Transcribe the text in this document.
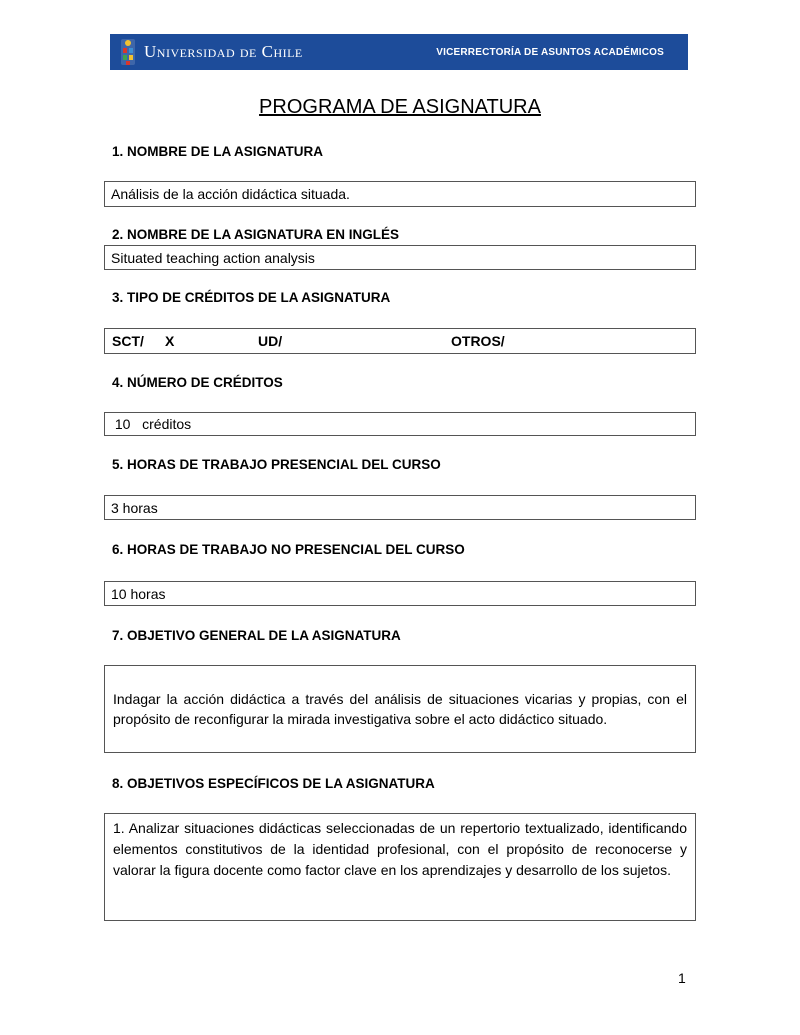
Universidad de Chile	VICERRECTORÍA DE ASUNTOS ACADÉMICOS
PROGRAMA DE ASIGNATURA
1. NOMBRE DE LA ASIGNATURA
Análisis de la acción didáctica situada.
2. NOMBRE DE LA ASIGNATURA EN INGLÉS
Situated teaching action analysis
3. TIPO DE CRÉDITOS DE LA ASIGNATURA
SCT/ X	UD/	OTROS/
4. NÚMERO DE CRÉDITOS
10   créditos
5. HORAS DE TRABAJO PRESENCIAL DEL CURSO
3 horas
6. HORAS DE TRABAJO NO PRESENCIAL DEL CURSO
10 horas
7. OBJETIVO GENERAL DE LA ASIGNATURA
Indagar la acción didáctica a través del análisis de situaciones vicarias y propias, con el propósito de reconfigurar la mirada investigativa sobre el acto didáctico situado.
8. OBJETIVOS ESPECÍFICOS DE LA ASIGNATURA
1. Analizar situaciones didácticas seleccionadas de un repertorio textualizado, identificando elementos constitutivos de la identidad profesional, con el propósito de reconocerse y valorar la figura docente como factor clave en los aprendizajes y desarrollo de los sujetos.
1
